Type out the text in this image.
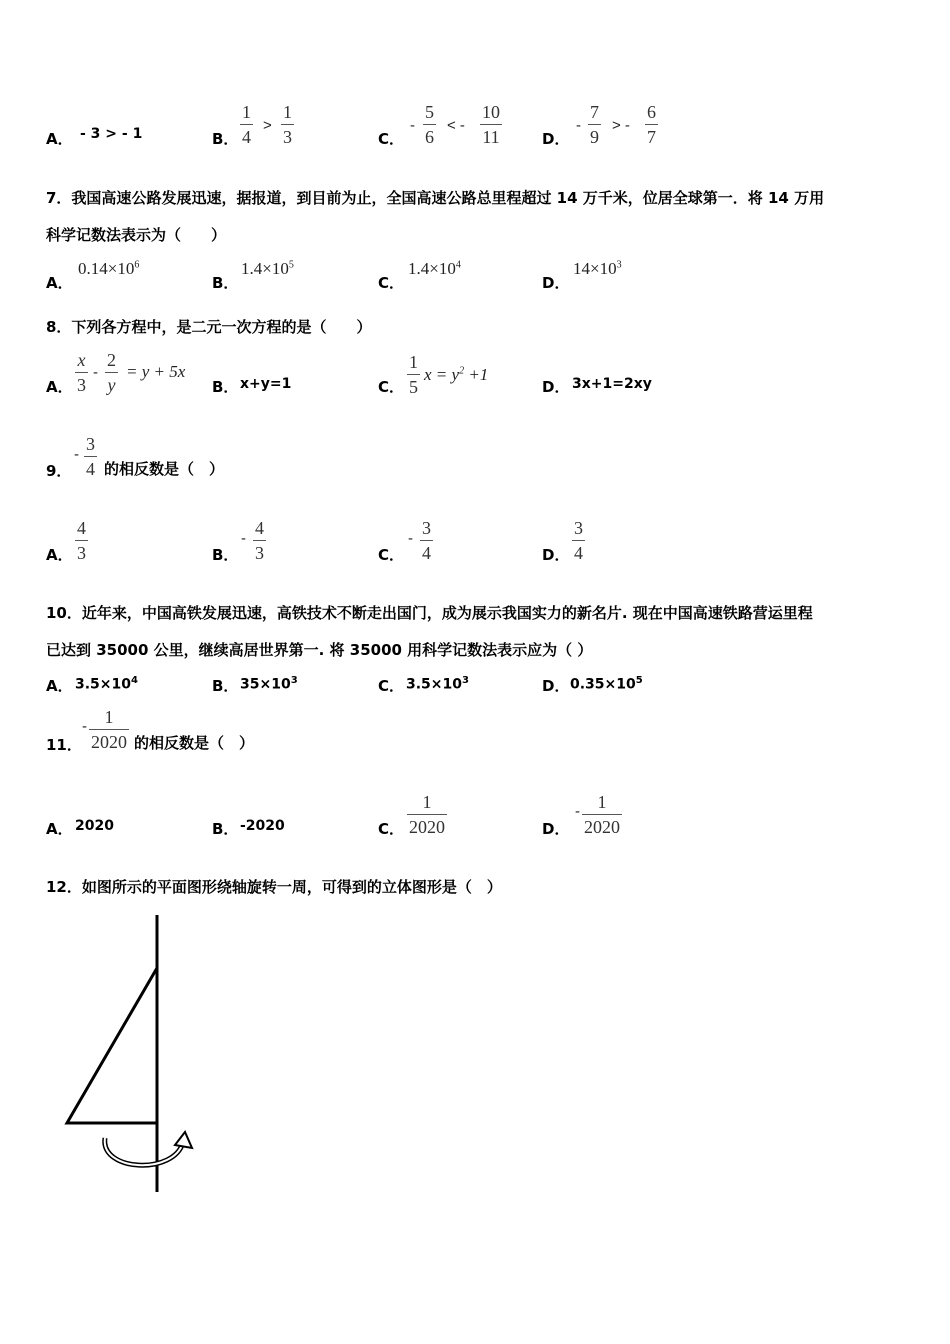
A． - 3 > - 1	B．
1
4
>
1
3	C．
-
5
6
< -
10
11	D．
-
7
9
> -
6
7
7．我国高速公路发展迅速，据报道，到目前为止，全国高速公路总里程超过 14 万千米，位居全球第一．将 14 万用
科学记数法表示为（　　）
A．
$0.14\times 10^6$
B．
$1.4\times 10^5$
C．
$1.4\times 10^4$
D．
$14\times 10^3$
8．下列各方程中，是二元一次方程的是（　　）
A．
x
3
-
2
y
= y + 5x
B． x+y=1	C．
1
5
$x = y^2 +1$
D． 3x+1=2xy
9．
-
3
4 的相反数是（　）
A．
4
3	B．
-
4
3	C．
-
3
4	D．
3
4
10．近年来，中国高铁发展迅速，高铁技术不断走出国门，成为展示我国实力的新名片. 现在中国高速铁路营运里程
已达到 35000 公里，继续高居世界第一. 将 35000 用科学记数法表示应为（ ）
A． $3.5\times 10^4$	B． $35\times 10^3$	C． $3.5\times 10^3$	D． $0.35\times 10^5$
11．
- 1
2020 的相反数是（　）
A． 2020	B． -2020	C．
1
2020	D．
- 1
2020
12．如图所示的平面图形绕轴旋转一周，可得到的立体图形是（　）
